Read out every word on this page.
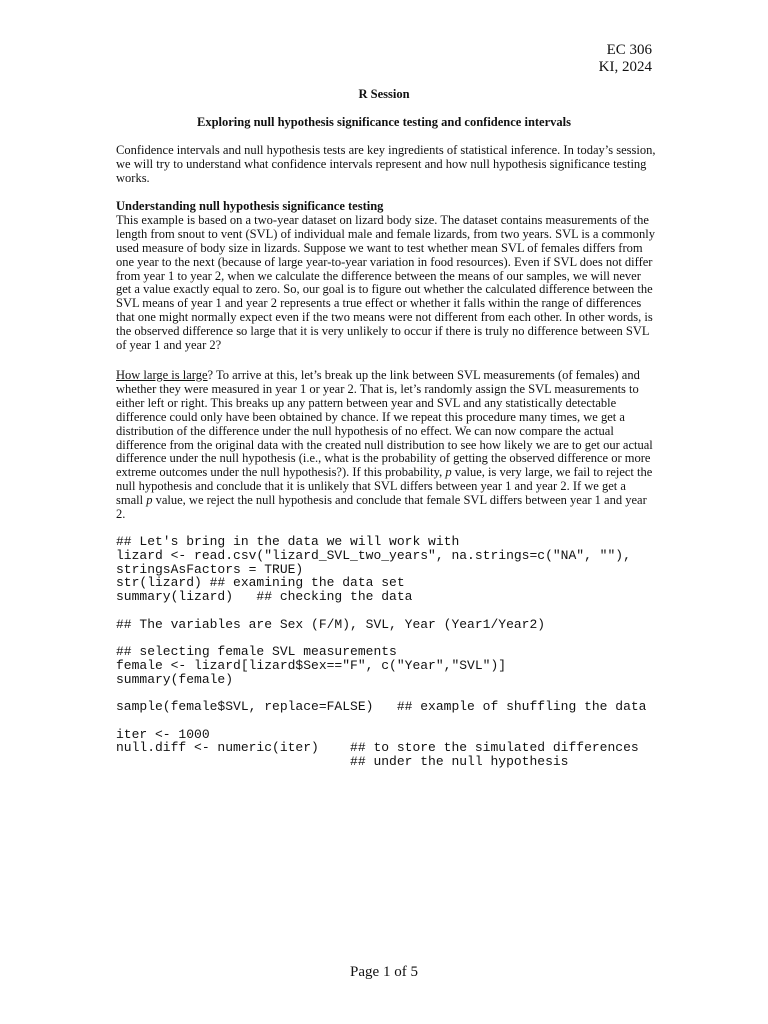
EC 306
KI, 2024
R Session
Exploring null hypothesis significance testing and confidence intervals

Confidence intervals and null hypothesis tests are key ingredients of statistical inference. In today’s session, we will try to understand what confidence intervals represent and how null hypothesis significance testing works.

Understanding null hypothesis significance testing
This example is based on a two-year dataset on lizard body size. The dataset contains measurements of the length from snout to vent (SVL) of individual male and female lizards, from two years. SVL is a commonly used measure of body size in lizards. Suppose we want to test whether mean SVL of females differs from one year to the next (because of large year-to-year variation in food resources). Even if SVL does not differ from year 1 to year 2, when we calculate the difference between the means of our samples, we will never get a value exactly equal to zero. So, our goal is to figure out whether the calculated difference between the SVL means of year 1 and year 2 represents a true effect or whether it falls within the range of differences that one might normally expect even if the two means were not different from each other. In other words, is the observed difference so large that it is very unlikely to occur if there is truly no difference between SVL of year 1 and year 2?

How large is large? To arrive at this, let’s break up the link between SVL measurements (of females) and whether they were measured in year 1 or year 2. That is, let’s randomly assign the SVL measurements to either left or right. This breaks up any pattern between year and SVL and any statistically detectable difference could only have been obtained by chance. If we repeat this procedure many times, we get a distribution of the difference under the null hypothesis of no effect. We can now compare the actual difference from the original data with the created null distribution to see how likely we are to get our actual difference under the null hypothesis (i.e., what is the probability of getting the observed difference or more extreme outcomes under the null hypothesis?). If this probability, p value, is very large, we fail to reject the null hypothesis and conclude that it is unlikely that SVL differs between year 1 and year 2. If we get a small p value, we reject the null hypothesis and conclude that female SVL differs between year 1 and year 2.

## Let's bring in the data we will work with
lizard <- read.csv("lizard_SVL_two_years", na.strings=c("NA", ""),
stringsAsFactors = TRUE)
str(lizard) ## examining the data set
summary(lizard)   ## checking the data

## The variables are Sex (F/M), SVL, Year (Year1/Year2)

## selecting female SVL measurements
female <- lizard[lizard$Sex=="F", c("Year","SVL")]
summary(female)

sample(female$SVL, replace=FALSE)   ## example of shuffling the data

iter <- 1000
null.diff <- numeric(iter)    ## to store the simulated differences
## under the null hypothesis
Page 1 of 5
